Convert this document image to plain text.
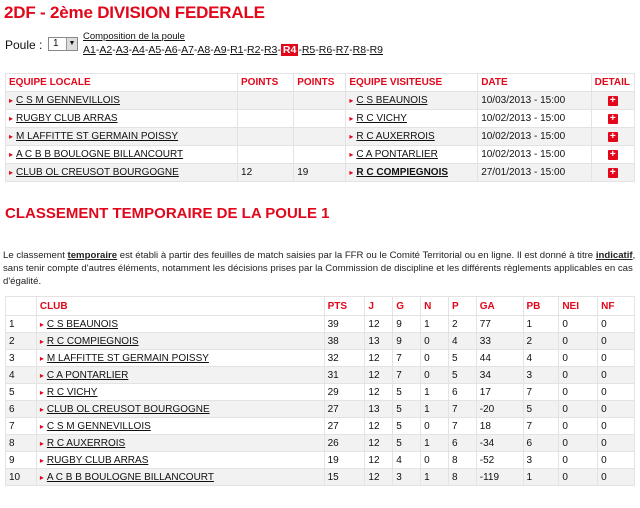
2DF - 2ème DIVISION FEDERALE
Poule :	1	▼
Composition de la poule
A1-A2-A3-A4-A5-A6-A7-A8-A9-R1-R2-R3- R4 -R5-R6-R7-R8-R9
EQUIPE LOCALE	POINTS	POINTS	EQUIPE VISITEUSE	DATE	DETAIL
▸ C S M GENNEVILLOIS			▸ C S BEAUNOIS	10/03/2013 - 15:00	+
▸ RUGBY CLUB ARRAS			▸ R C VICHY	10/02/2013 - 15:00	+
▸ M LAFFITTE ST GERMAIN POISSY			▸ R C AUXERROIS	10/02/2013 - 15:00	+
▸ A C B B BOULOGNE BILLANCOURT			▸ C A PONTARLIER	10/02/2013 - 15:00	+
▸ CLUB OL CREUSOT BOURGOGNE	12	19	▸ R C COMPIEGNOIS	27/01/2013 - 15:00	+
CLASSEMENT TEMPORAIRE DE LA POULE 1

Le classement temporaire est établi à partir des feuilles de match saisies par la FFR ou le Comité Territorial ou en ligne. Il est donné à titre indicatif, sans tenir compte d'autres éléments, notamment les décisions prises par la Commission de discipline et les différents règlements applicables en cas d'égalité.

	CLUB	PTS	J	G	N	P	GA	PB	NEI	NF
1	▸ C S BEAUNOIS	39	12	9	1	2	77	1	0	0
2	▸ R C COMPIEGNOIS	38	13	9	0	4	33	2	0	0
3	▸ M LAFFITTE ST GERMAIN POISSY	32	12	7	0	5	44	4	0	0
4	▸ C A PONTARLIER	31	12	7	0	5	34	3	0	0
5	▸ R C VICHY	29	12	5	1	6	17	7	0	0
6	▸ CLUB OL CREUSOT BOURGOGNE	27	13	5	1	7	-20	5	0	0
7	▸ C S M GENNEVILLOIS	27	12	5	0	7	18	7	0	0
8	▸ R C AUXERROIS	26	12	5	1	6	-34	6	0	0
9	▸ RUGBY CLUB ARRAS	19	12	4	0	8	-52	3	0	0
10	▸ A C B B BOULOGNE BILLANCOURT	15	12	3	1	8	-119	1	0	0
